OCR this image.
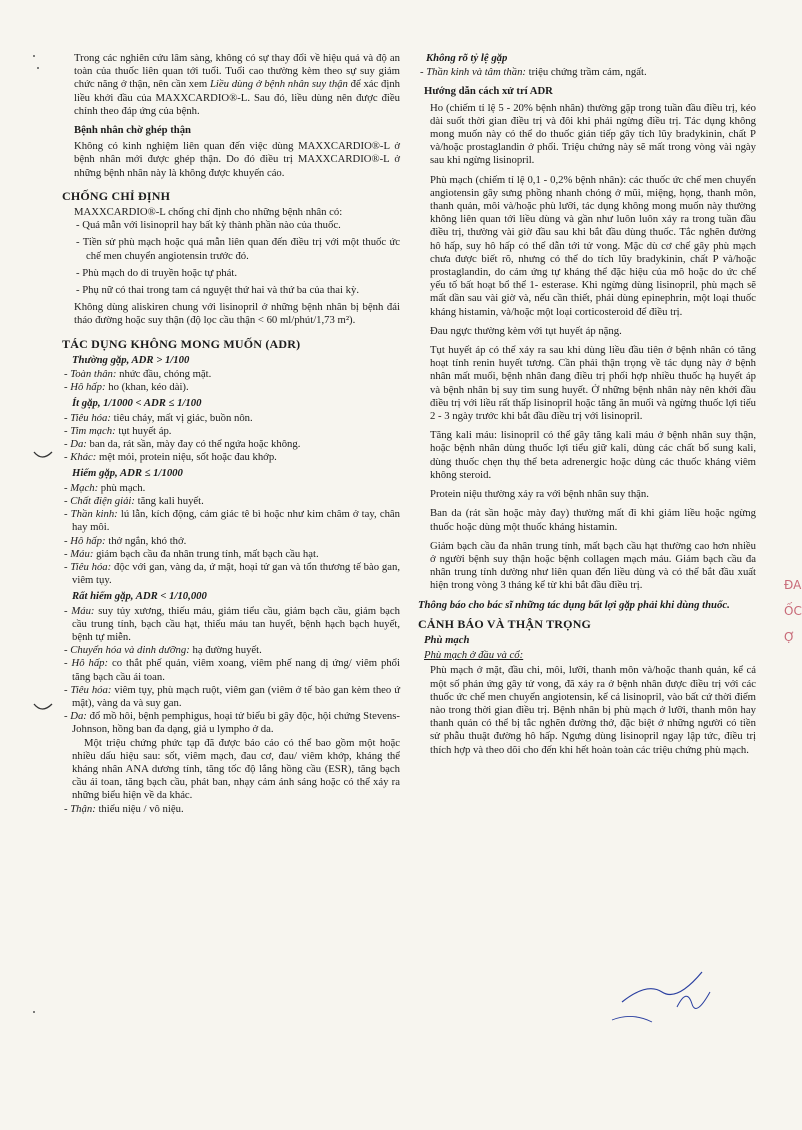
ĐA
ỐC
Ợ

Trong các nghiên cứu lâm sàng, không có sự thay đổi về hiệu quả và độ an toàn của thuốc liên quan tới tuổi. Tuổi cao thường kèm theo sự suy giảm chức năng ở thận, nên cần xem Liều dùng ở bệnh nhân suy thận để xác định liều khởi đầu của MAXXCARDIO®-L. Sau đó, liều dùng nên được điều chỉnh theo đáp ứng của bệnh.

Bệnh nhân chờ ghép thận

Không có kinh nghiệm liên quan đến việc dùng MAXXCARDIO®-L ở bệnh nhân mới được ghép thận. Do đó điều trị MAXXCARDIO®-L ở những bệnh nhân này là không được khuyến cáo.

CHỐNG CHỈ ĐỊNH

MAXXCARDIO®-L chống chỉ định cho những bệnh nhân có:

- Quá mẫn với lisinopril hay bất kỳ thành phần nào của thuốc.

- Tiền sử phù mạch hoặc quá mẫn liên quan đến điều trị với một thuốc ức chế men chuyển angiotensin trước đó.

- Phù mạch do di truyền hoặc tự phát.

- Phụ nữ có thai trong tam cá nguyệt thứ hai và thứ ba của thai kỳ.

Không dùng aliskiren chung với lisinopril ở những bệnh nhân bị bệnh đái tháo đường hoặc suy thận (độ lọc cầu thận < 60 ml/phút/1,73 m²).

TÁC DỤNG KHÔNG MONG MUỐN (ADR)
Thường gặp, ADR > 1/100

- Toàn thân: nhức đầu, chóng mặt.

- Hô hấp: ho (khan, kéo dài).

Ít gặp, 1/1000 < ADR ≤ 1/100

- Tiêu hóa: tiêu chảy, mất vị giác, buồn nôn.

- Tim mạch: tụt huyết áp.

- Da: ban da, rát sần, mày đay có thể ngứa hoặc không.

- Khác: mệt mỏi, protein niệu, sốt hoặc đau khớp.

Hiếm gặp, ADR ≤ 1/1000

- Mạch: phù mạch.

- Chất điện giải: tăng kali huyết.

- Thần kinh: lú lẫn, kích động, cảm giác tê bì hoặc như kim châm ở tay, chân hay môi.

- Hô hấp: thở ngắn, khó thở.

- Máu: giảm bạch cầu đa nhân trung tính, mất bạch cầu hạt.

- Tiêu hóa: độc với gan, vàng da, ứ mật, hoại tử gan và tổn thương tế bào gan, viêm tụy.

Rất hiếm gặp, ADR < 1/10,000

- Máu: suy tủy xương, thiếu máu, giảm tiểu cầu, giảm bạch cầu, giảm bạch cầu trung tính, bạch cầu hạt, thiếu máu tan huyết, bệnh hạch bạch huyết, bệnh tự miễn.

- Chuyển hóa và dinh dưỡng: hạ đường huyết.

- Hô hấp: co thắt phế quản, viêm xoang, viêm phế nang dị ứng/ viêm phổi tăng bạch cầu ái toan.

- Tiêu hóa: viêm tụy, phù mạch ruột, viêm gan (viêm ở tế bào gan kèm theo ứ mật), vàng da và suy gan.

- Da: đổ mồ hôi, bệnh pemphigus, hoại tử biểu bì gây độc, hội chứng Stevens-Johnson, hồng ban đa dạng, giả u lympho ở da.

Một triệu chứng phức tạp đã được báo cáo có thể bao gồm một hoặc nhiều dấu hiệu sau: sốt, viêm mạch, đau cơ, đau/ viêm khớp, kháng thể kháng nhân ANA dương tính, tăng tốc độ lắng hồng cầu (ESR), tăng bạch cầu ái toan, tăng bạch cầu, phát ban, nhạy cảm ánh sáng hoặc có thể xảy ra những biểu hiện về da khác.

- Thận: thiểu niệu / vô niệu.

Không rõ tỷ lệ gặp

- Thần kinh và tâm thần: triệu chứng trầm cảm, ngất.

Hướng dẫn cách xử trí ADR

Ho (chiếm tỉ lệ 5 - 20% bệnh nhân) thường gặp trong tuần đầu điều trị, kéo dài suốt thời gian điều trị và đôi khi phải ngừng điều trị. Tác dụng không mong muốn này có thể do thuốc gián tiếp gây tích lũy bradykinin, chất P và/hoặc prostaglandin ở phổi. Triệu chứng này sẽ mất trong vòng vài ngày sau khi ngừng lisinopril.

Phù mạch (chiếm tỉ lệ 0,1 - 0,2% bệnh nhân): các thuốc ức chế men chuyển angiotensin gây sưng phồng nhanh chóng ở mũi, miệng, họng, thanh môn, thanh quản, môi và/hoặc phù lưỡi, tác dụng không mong muốn này thường không liên quan tới liều dùng và gần như luôn luôn xảy ra trong tuần đầu điều trị, thường vài giờ đầu sau khi bắt đầu dùng thuốc. Tắc nghẽn đường hô hấp, suy hô hấp có thể dẫn tới tử vong. Mặc dù cơ chế gây phù mạch chưa được biết rõ, nhưng có thể do tích lũy bradykinin, chất P và/hoặc prostaglandin, do cảm ứng tự kháng thể đặc hiệu của mô hoặc do ức chế yếu tố bất hoạt bổ thể 1- esterase. Khi ngừng dùng lisinopril, phù mạch sẽ mất dần sau vài giờ và, nếu cần thiết, phải dùng epinephrin, một loại thuốc kháng histamin, và/hoặc một loại corticosteroid để điều trị.

Đau ngực thường kèm với tụt huyết áp nặng.

Tụt huyết áp có thể xảy ra sau khi dùng liều đầu tiên ở bệnh nhân có tăng hoạt tính renin huyết tương. Cần phải thận trọng về tác dụng này ở bệnh nhân mất muối, bệnh nhân đang điều trị phối hợp nhiều thuốc hạ huyết áp và bệnh nhân bị suy tim sung huyết. Ở những bệnh nhân này nên khởi đầu điều trị với liều rất thấp lisinopril hoặc tăng ăn muối và ngừng thuốc lợi tiểu 2 - 3 ngày trước khi bắt đầu điều trị với lisinopril.

Tăng kali máu: lisinopril có thể gây tăng kali máu ở bệnh nhân suy thận, hoặc bệnh nhân dùng thuốc lợi tiểu giữ kali, dùng các chất bổ sung kali, dùng thuốc chẹn thụ thể beta adrenergic hoặc dùng các thuốc kháng viêm không steroid.

Protein niệu thường xảy ra với bệnh nhân suy thận.

Ban da (rát sần hoặc mày đay) thường mất đi khi giảm liều hoặc ngừng thuốc hoặc dùng một thuốc kháng histamin.

Giảm bạch cầu đa nhân trung tính, mất bạch cầu hạt thường cao hơn nhiều ở người bệnh suy thận hoặc bệnh collagen mạch máu. Giảm bạch cầu đa nhân trung tính dường như liên quan đến liều dùng và có thể bắt đầu xuất hiện trong vòng 3 tháng kể từ khi bắt đầu điều trị.

Thông báo cho bác sĩ những tác dụng bất lợi gặp phải khi dùng thuốc.

CẢNH BÁO VÀ THẬN TRỌNG
Phù mạch
Phù mạch ở đầu và cổ:

Phù mạch ở mặt, đầu chi, môi, lưỡi, thanh môn và/hoặc thanh quản, kể cả một số phản ứng gây tử vong, đã xảy ra ở bệnh nhân được điều trị với các thuốc ức chế men chuyển angiotensin, kể cả lisinopril, vào bất cứ thời điểm nào trong thời gian điều trị. Bệnh nhân bị phù mạch ở lưỡi, thanh môn hay thanh quản có thể bị tắc nghẽn đường thở, đặc biệt ở những người có tiền sử phẫu thuật đường hô hấp. Ngưng dùng lisinopril ngay lập tức, điều trị thích hợp và theo dõi cho đến khi hết hoàn toàn các triệu chứng phù mạch.
